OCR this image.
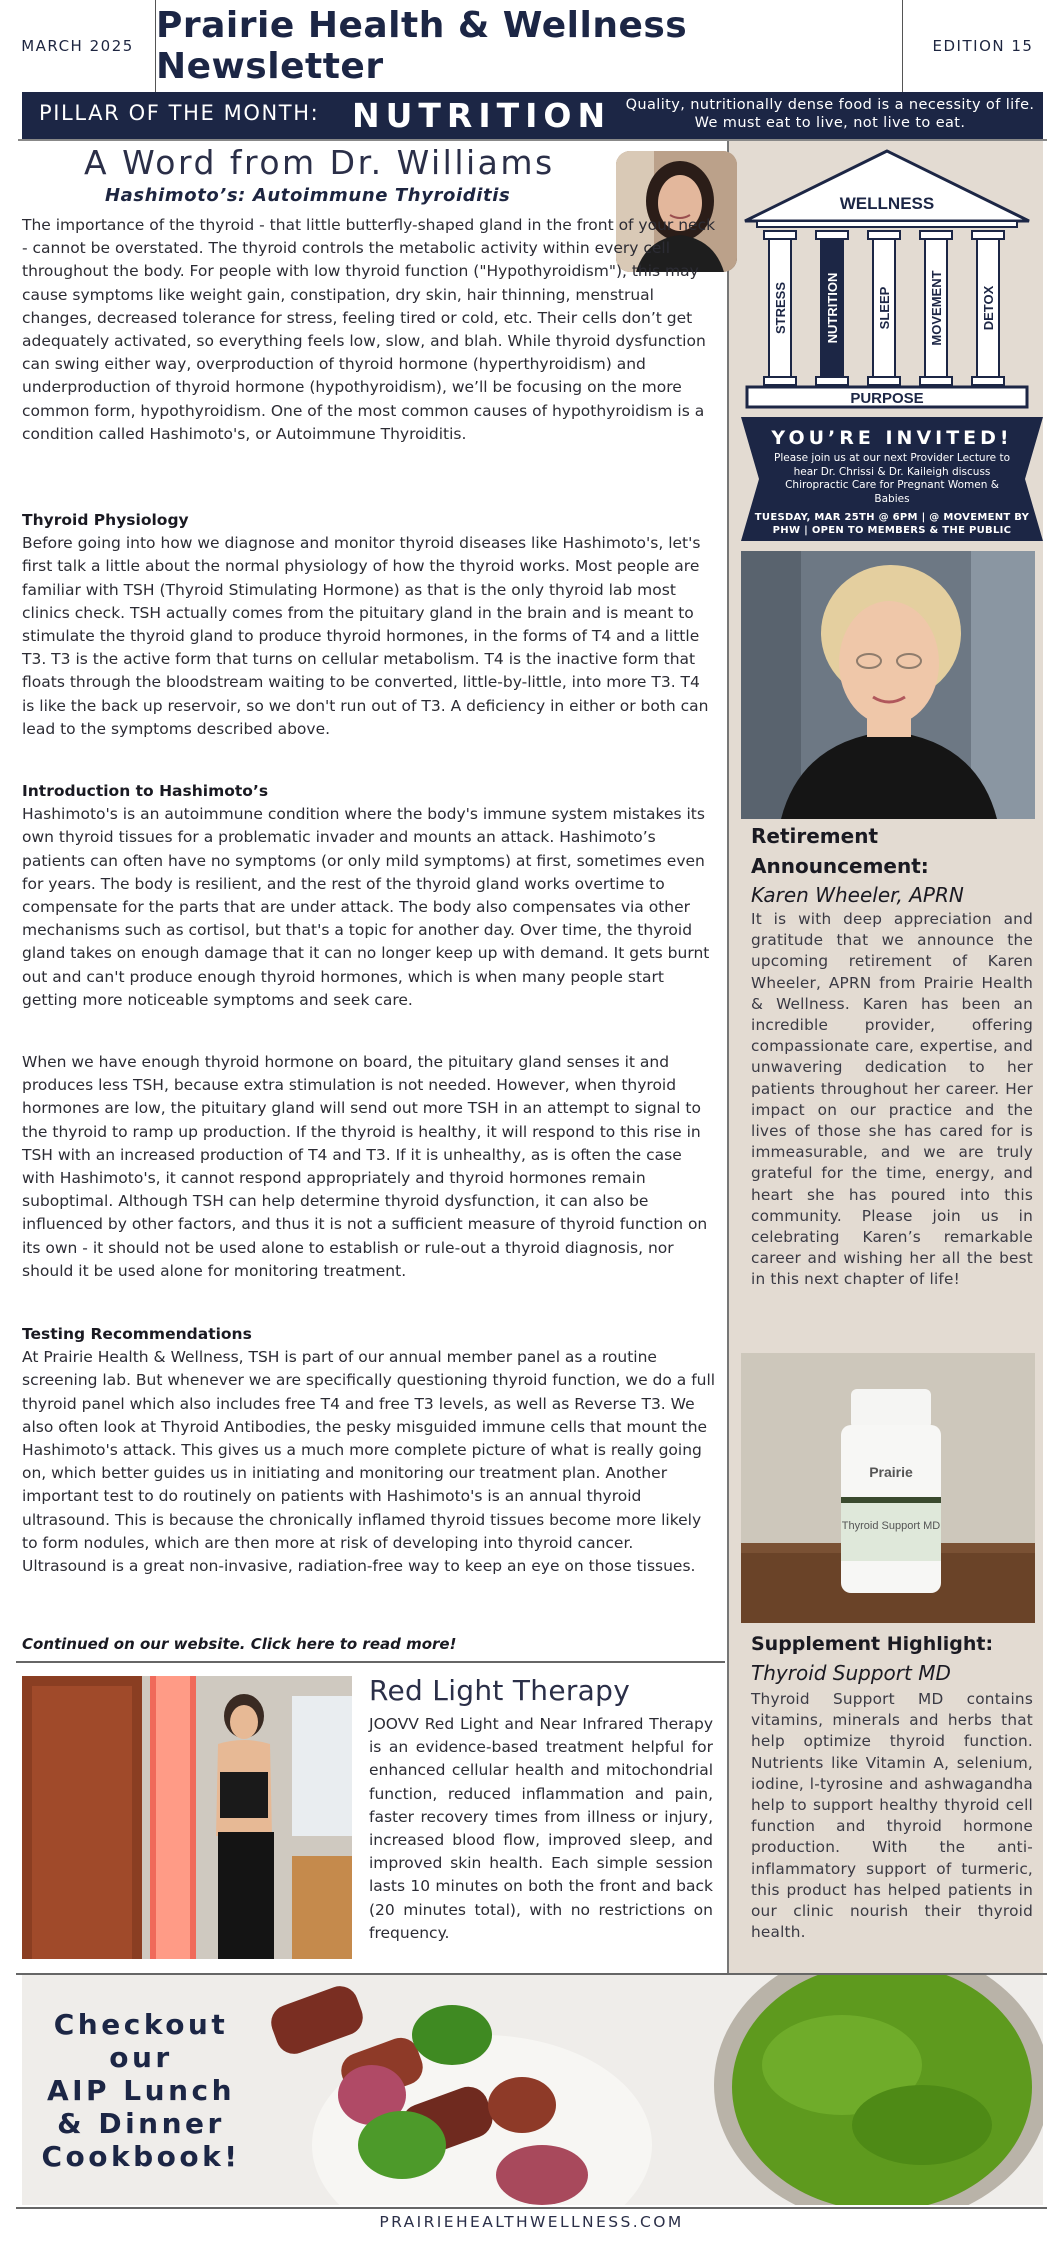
MARCH 2025 Prairie Health & Wellness Newsletter	EDITION 15
PILLAR OF THE MONTH: NUTRITION	Quality, nutritionally dense food is a necessity of life. We must eat to live, not live to eat.
WELLNESS
STRESS	NUTRITION	SLEEP	MOVEMENT	DETOX
PURPOSE
YOU’RE INVITED!
Please join us at our next Provider Lecture to hear Dr. Chrissi & Dr. Kaileigh discuss Chiropractic Care for Pregnant Women & Babies
TUESDAY, MAR 25TH @ 6PM | @ MOVEMENT BY PHW | OPEN TO MEMBERS & THE PUBLIC
Retirement Announcement:
Karen Wheeler, APRN
It is with deep appreciation and gratitude that we announce the upcoming retirement of Karen Wheeler, APRN from Prairie Health & Wellness. Karen has been an incredible provider, offering compassionate care, expertise, and unwavering dedication to her patients throughout her career. Her impact on our practice and the lives of those she has cared for is immeasurable, and we are truly grateful for the time, energy, and heart she has poured into this community. Please join us in celebrating Karen’s remarkable career and wishing her all the best in this next chapter of life!
Prairie
Thyroid Support MD
Supplement Highlight:
Thyroid Support MD
Thyroid Support MD contains vitamins, minerals and herbs that help optimize thyroid function. Nutrients like Vitamin A, selenium, iodine, l-tyrosine and ashwagandha help to support healthy thyroid cell function and thyroid hormone production. With the anti-inflammatory support of turmeric, this product has helped patients in our clinic nourish their thyroid health.
A Word from Dr. Williams
Hashimoto’s: Autoimmune Thyroiditis
The importance of the thyroid - that little butterfly-shaped gland in the front of your neck - cannot be overstated. The thyroid controls the metabolic activity within every cell throughout the body. For people with low thyroid function ("Hypothyroidism"), this may cause symptoms like weight gain, constipation, dry skin, hair thinning, menstrual changes, decreased tolerance for stress, feeling tired or cold, etc. Their cells don’t get adequately activated, so everything feels low, slow, and blah. While thyroid dysfunction can swing either way, overproduction of thyroid hormone (hyperthyroidism) and underproduction of thyroid hormone (hypothyroidism), we’ll be focusing on the more common form, hypothyroidism. One of the most common causes of hypothyroidism is a condition called Hashimoto's, or Autoimmune Thyroiditis.
Thyroid Physiology
Before going into how we diagnose and monitor thyroid diseases like Hashimoto's, let's first talk a little about the normal physiology of how the thyroid works. Most people are familiar with TSH (Thyroid Stimulating Hormone) as that is the only thyroid lab most clinics check. TSH actually comes from the pituitary gland in the brain and is meant to stimulate the thyroid gland to produce thyroid hormones, in the forms of T4 and a little T3. T3 is the active form that turns on cellular metabolism. T4 is the inactive form that floats through the bloodstream waiting to be converted, little-by-little, into more T3. T4 is like the back up reservoir, so we don't run out of T3. A deficiency in either or both can lead to the symptoms described above.
Introduction to Hashimoto’s
Hashimoto's is an autoimmune condition where the body's immune system mistakes its own thyroid tissues for a problematic invader and mounts an attack. Hashimoto’s patients can often have no symptoms (or only mild symptoms) at first, sometimes even for years. The body is resilient, and the rest of the thyroid gland works overtime to compensate for the parts that are under attack. The body also compensates via other mechanisms such as cortisol, but that's a topic for another day. Over time, the thyroid gland takes on enough damage that it can no longer keep up with demand. It gets burnt out and can't produce enough thyroid hormones, which is when many people start getting more noticeable symptoms and seek care.
When we have enough thyroid hormone on board, the pituitary gland senses it and produces less TSH, because extra stimulation is not needed. However, when thyroid hormones are low, the pituitary gland will send out more TSH in an attempt to signal to the thyroid to ramp up production. If the thyroid is healthy, it will respond to this rise in TSH with an increased production of T4 and T3. If it is unhealthy, as is often the case with Hashimoto's, it cannot respond appropriately and thyroid hormones remain suboptimal. Although TSH can help determine thyroid dysfunction, it can also be influenced by other factors, and thus it is not a sufficient measure of thyroid function on its own - it should not be used alone to establish or rule-out a thyroid diagnosis, nor should it be used alone for monitoring treatment.
Testing Recommendations
At Prairie Health & Wellness, TSH is part of our annual member panel as a routine screening lab. But whenever we are specifically questioning thyroid function, we do a full thyroid panel which also includes free T4 and free T3 levels, as well as Reverse T3. We also often look at Thyroid Antibodies, the pesky misguided immune cells that mount the Hashimoto's attack. This gives us a much more complete picture of what is really going on, which better guides us in initiating and monitoring our treatment plan. Another important test to do routinely on patients with Hashimoto's is an annual thyroid ultrasound. This is because the chronically inflamed thyroid tissues become more likely to form nodules, which are then more at risk of developing into thyroid cancer. Ultrasound is a great non-invasive, radiation-free way to keep an eye on those tissues.
Continued on our website. Click here to read more!
Red Light Therapy
JOOVV Red Light and Near Infrared Therapy is an evidence-based treatment helpful for enhanced cellular health and mitochondrial function, reduced inflammation and pain, faster recovery times from illness or injury, increased blood flow, improved sleep, and improved skin health. Each simple session lasts 10 minutes on both the front and back (20 minutes total), with no restrictions on frequency.
Checkout
our
AIP Lunch
& Dinner
Cookbook!
PRAIRIEHEALTHWELLNESS.COM
